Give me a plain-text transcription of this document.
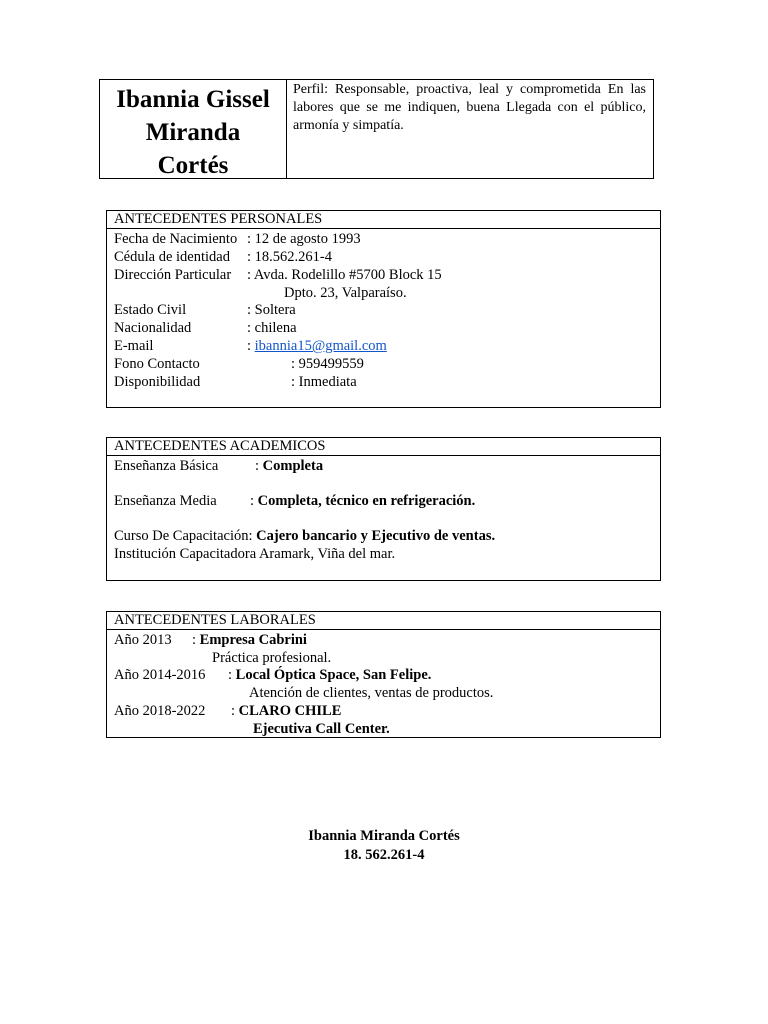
Ibannia Gissel
Miranda
Cortés
Perfil: Responsable, proactiva, leal y comprometida En las labores que se me indiquen, buena Llegada con el público, armonía y simpatía.
ANTECEDENTES PERSONALES
Fecha de Nacimiento : 12 de agosto 1993
Cédula de identidad : 18.562.261-4
Dirección Particular : Avda. Rodelillo #5700 Block 15
Dpto. 23, Valparaíso.
Estado Civil	: Soltera
Nacionalidad	: chilena
E-mail	: ibannia15@gmail.com
Fono Contacto	: 959499559
Disponibilidad	: Inmediata
ANTECEDENTES ACADEMICOS
Enseñanza Básica	: Completa
Enseñanza Media : Completa, técnico en refrigeración.
Curso De Capacitación: Cajero bancario y Ejecutivo de ventas.
Institución Capacitadora Aramark, Viña del mar.
ANTECEDENTES LABORALES
Año 2013 : Empresa Cabrini
Práctica profesional.
Año 2014-2016 : Local Óptica Space, San Felipe.
Atención de clientes, ventas de productos.
Año 2018-2022 : CLARO CHILE
Ejecutiva Call Center.
Ibannia Miranda Cortés
18. 562.261-4
